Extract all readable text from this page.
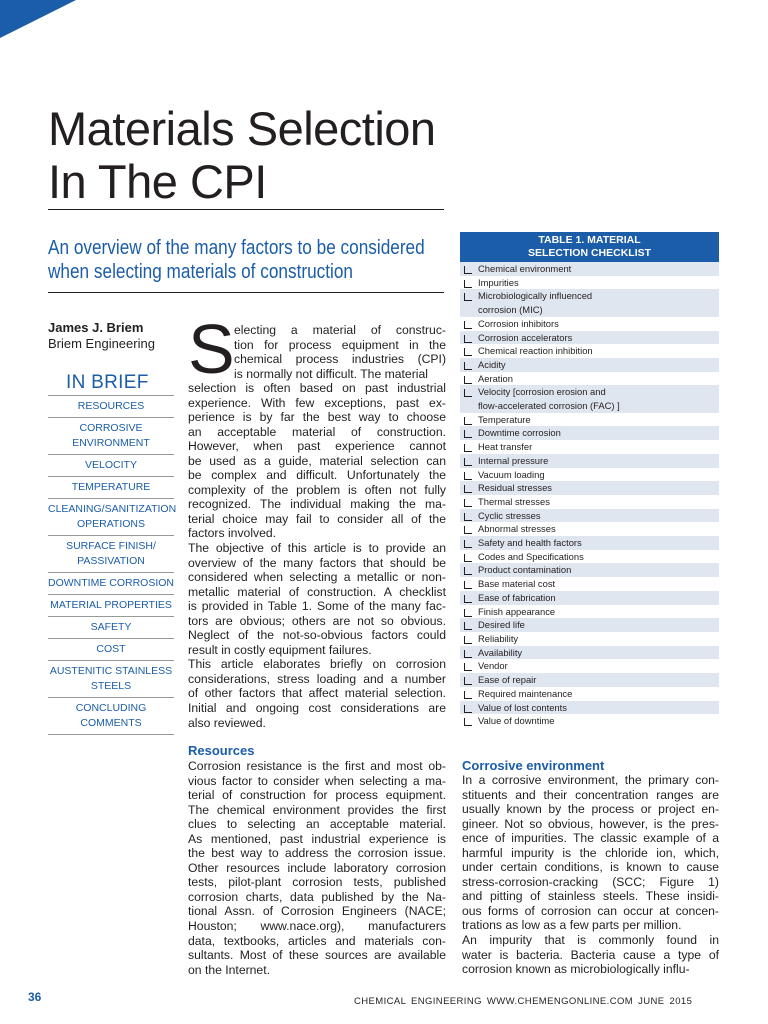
Materials Selection
In The CPI
An overview of the many factors to be considered
when selecting materials of construction
James J. Briem
Briem Engineering
IN BRIEF
RESOURCES
CORROSIVE
ENVIRONMENT
VELOCITY
TEMPERATURE
CLEANING/SANITIZATION
OPERATIONS
SURFACE FINISH/
PASSIVATION
DOWNTIME CORROSION
MATERIAL PROPERTIES
SAFETY
COST
AUSTENITIC STAINLESS
STEELS
CONCLUDING
COMMENTS
S electing a material of construc-
tion for process equipment in the
chemical process industries (CPI)
is normally not difficult. The material
selection is often based on past industrial
experience. With few exceptions, past ex-
perience is by far the best way to choose
an acceptable material of construction.
However, when past experience cannot
be used as a guide, material selection can
be complex and difficult. Unfortunately the
complexity of the problem is often not fully
recognized. The individual making the ma-
terial choice may fail to consider all of the
factors involved.
The objective of this article is to provide an
overview of the many factors that should be
considered when selecting a metallic or non-
metallic material of construction. A checklist
is provided in Table 1. Some of the many fac-
tors are obvious; others are not so obvious.
Neglect of the not-so-obvious factors could
result in costly equipment failures.
This article elaborates briefly on corrosion
considerations, stress loading and a number
of other factors that affect material selection.
Initial and ongoing cost considerations are
also reviewed.
Resources
Corrosion resistance is the first and most ob-
vious factor to consider when selecting a ma-
terial of construction for process equipment.
The chemical environment provides the first
clues to selecting an acceptable material.
As mentioned, past industrial experience is
the best way to address the corrosion issue.
Other resources include laboratory corrosion
tests, pilot-plant corrosion tests, published
corrosion charts, data published by the Na-
tional Assn. of Corrosion Engineers (NACE;
Houston; www.nace.org), manufacturers
data, textbooks, articles and materials con-
sultants. Most of these sources are available
on the Internet.
TABLE 1. MATERIAL
SELECTION CHECKLIST
Chemical environment
Impurities
Microbiologically influenced
corrosion (MIC)
Corrosion inhibitors
Corrosion accelerators
Chemical reaction inhibition
Acidity
Aeration
Velocity [corrosion erosion and
flow-accelerated corrosion (FAC) ]
Temperature
Downtime corrosion
Heat transfer
Internal pressure
Vacuum loading
Residual stresses
Thermal stresses
Cyclic stresses
Abnormal stresses
Safety and health factors
Codes and Specifications
Product contamination
Base material cost
Ease of fabrication
Finish appearance
Desired life
Reliability
Availability
Vendor
Ease of repair
Required maintenance
Value of lost contents
Value of downtime
Corrosive environment
In a corrosive environment, the primary con-
stituents and their concentration ranges are
usually known by the process or project en-
gineer. Not so obvious, however, is the pres-
ence of impurities. The classic example of a
harmful impurity is the chloride ion, which,
under certain conditions, is known to cause
stress-corrosion-cracking (SCC; Figure 1)
and pitting of stainless steels. These insidi-
ous forms of corrosion can occur at concen-
trations as low as a few parts per million.
An impurity that is commonly found in
water is bacteria. Bacteria cause a type of
corrosion known as microbiologically influ-
36	CHEMICAL ENGINEERING WWW.CHEMENGONLINE.COM JUNE 2015
